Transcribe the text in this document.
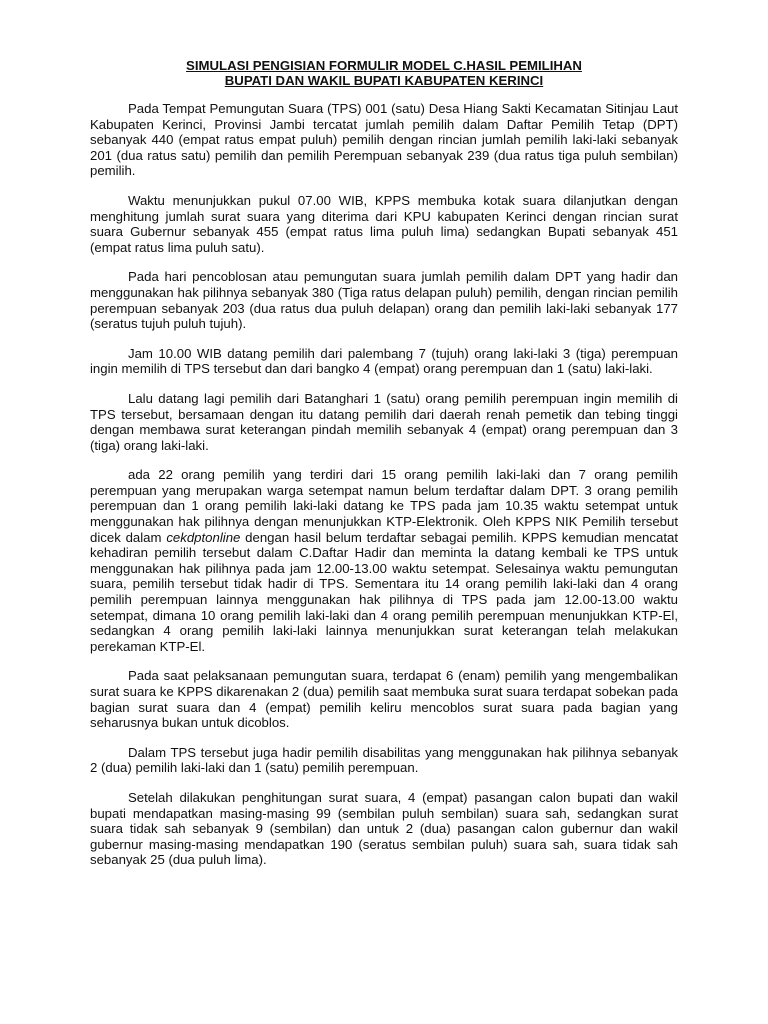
SIMULASI PENGISIAN FORMULIR MODEL C.HASIL PEMILIHAN
BUPATI DAN WAKIL BUPATI KABUPATEN KERINCI

Pada Tempat Pemungutan Suara (TPS) 001 (satu) Desa Hiang Sakti Kecamatan Sitinjau Laut Kabupaten Kerinci, Provinsi Jambi tercatat jumlah pemilih dalam Daftar Pemilih Tetap (DPT) sebanyak 440 (empat ratus empat puluh) pemilih dengan rincian jumlah pemilih laki-laki sebanyak 201 (dua ratus satu) pemilih dan pemilih Perempuan sebanyak 239 (dua ratus tiga puluh sembilan) pemilih.

Waktu menunjukkan pukul 07.00 WIB, KPPS membuka kotak suara dilanjutkan dengan menghitung jumlah surat suara yang diterima dari KPU kabupaten Kerinci dengan rincian surat suara Gubernur sebanyak 455 (empat ratus lima puluh lima) sedangkan Bupati sebanyak 451 (empat ratus lima puluh satu).

Pada hari pencoblosan atau pemungutan suara jumlah pemilih dalam DPT yang hadir dan menggunakan hak pilihnya sebanyak 380 (Tiga ratus delapan puluh) pemilih, dengan rincian pemilih perempuan sebanyak 203 (dua ratus dua puluh delapan) orang dan pemilih laki-laki sebanyak 177 (seratus tujuh puluh tujuh).

Jam 10.00 WIB datang pemilih dari palembang 7 (tujuh) orang laki-laki 3 (tiga) perempuan ingin memilih di TPS tersebut dan dari bangko 4 (empat) orang perempuan dan 1 (satu) laki-laki.

Lalu datang lagi pemilih dari Batanghari 1 (satu) orang pemilih perempuan ingin memilih di TPS tersebut, bersamaan dengan itu datang pemilih dari daerah renah pemetik dan tebing tinggi dengan membawa surat keterangan pindah memilih sebanyak 4 (empat) orang perempuan dan 3 (tiga) orang laki-laki.

ada 22 orang pemilih yang terdiri dari 15 orang pemilih laki-laki dan 7 orang pemilih perempuan yang merupakan warga setempat namun belum terdaftar dalam DPT. 3 orang pemilih perempuan dan 1 orang pemilih laki-laki datang ke TPS pada jam 10.35 waktu setempat untuk menggunakan hak pilihnya dengan menunjukkan KTP-Elektronik. Oleh KPPS NIK Pemilih tersebut dicek dalam cekdptonline dengan hasil belum terdaftar sebagai pemilih. KPPS kemudian mencatat kehadiran pemilih tersebut dalam C.Daftar Hadir dan meminta la datang kembali ke TPS untuk menggunakan hak pilihnya pada jam 12.00-13.00 waktu setempat. Selesainya waktu pemungutan suara, pemilih tersebut tidak hadir di TPS. Sementara itu 14 orang pemilih laki-laki dan 4 orang pemilih perempuan lainnya menggunakan hak pilihnya di TPS pada jam 12.00-13.00 waktu setempat, dimana 10 orang pemilih laki-laki dan 4 orang pemilih perempuan menunjukkan KTP-El, sedangkan 4 orang pemilih laki-laki lainnya menunjukkan surat keterangan telah melakukan perekaman KTP-El.

Pada saat pelaksanaan pemungutan suara, terdapat 6 (enam) pemilih yang mengembalikan surat suara ke KPPS dikarenakan 2 (dua) pemilih saat membuka surat suara terdapat sobekan pada bagian surat suara dan 4 (empat) pemilih keliru mencoblos surat suara pada bagian yang seharusnya bukan untuk dicoblos.

Dalam TPS tersebut juga hadir pemilih disabilitas yang menggunakan hak pilihnya sebanyak 2 (dua) pemilih laki-laki dan 1 (satu) pemilih perempuan.

Setelah dilakukan penghitungan surat suara, 4 (empat) pasangan calon bupati dan wakil bupati mendapatkan masing-masing 99 (sembilan puluh sembilan) suara sah, sedangkan surat suara tidak sah sebanyak 9 (sembilan) dan untuk 2 (dua) pasangan calon gubernur dan wakil gubernur masing-masing mendapatkan 190 (seratus sembilan puluh) suara sah, suara tidak sah sebanyak 25 (dua puluh lima).
